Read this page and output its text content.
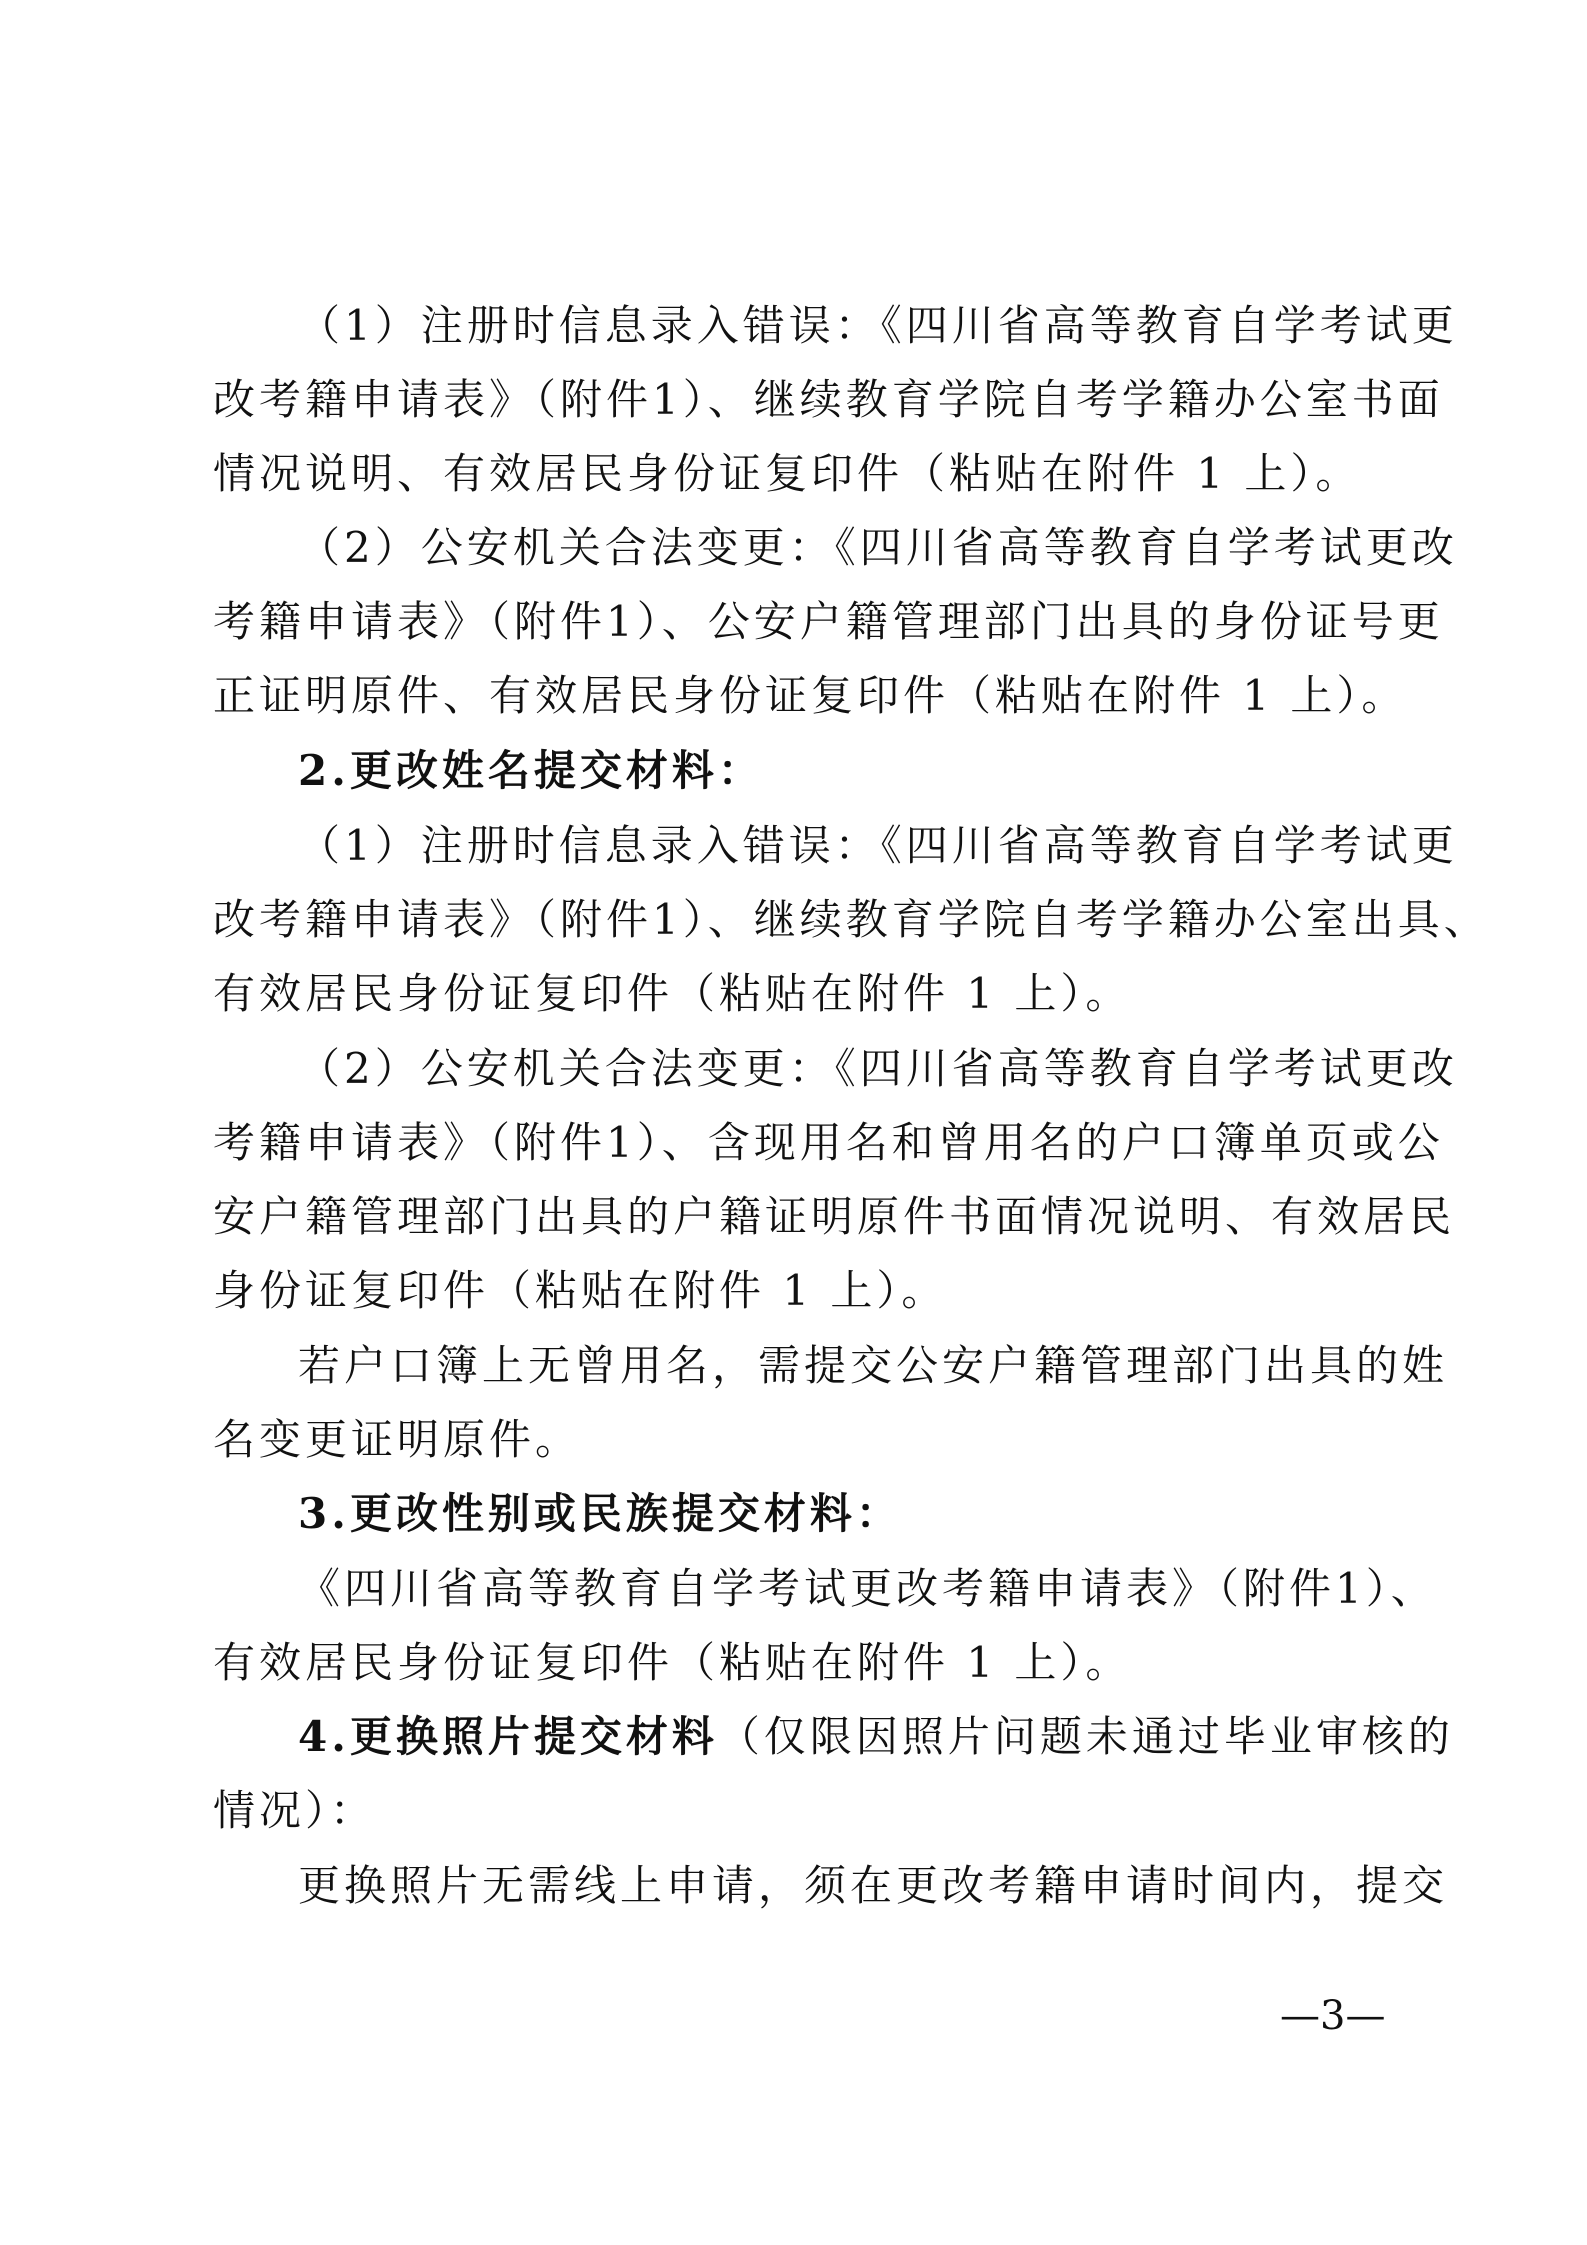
（1）注册时信息录入错误：《四川省高等教育自学考试更

改考籍申请表》（附件1）、继续教育学院自考学籍办公室书面

情况说明、有效居民身份证复印件（粘贴在附件 1 上）。

（2）公安机关合法变更：《四川省高等教育自学考试更改

考籍申请表》（附件1）、公安户籍管理部门出具的身份证号更

正证明原件、有效居民身份证复印件（粘贴在附件 1 上）。

2.更改姓名提交材料：

（1）注册时信息录入错误：《四川省高等教育自学考试更

改考籍申请表》（附件1）、继续教育学院自考学籍办公室出具、

有效居民身份证复印件（粘贴在附件 1 上）。

（2）公安机关合法变更：《四川省高等教育自学考试更改

考籍申请表》（附件1）、含现用名和曾用名的户口簿单页或公

安户籍管理部门出具的户籍证明原件书面情况说明、有效居民

身份证复印件（粘贴在附件 1 上）。

若户口簿上无曾用名，需提交公安户籍管理部门出具的姓

名变更证明原件。

3.更改性别或民族提交材料：

《四川省高等教育自学考试更改考籍申请表》（附件1）、

有效居民身份证复印件（粘贴在附件 1 上）。

4.更换照片提交材料（仅限因照片问题未通过毕业审核的

情况）：

更换照片无需线上申请，须在更改考籍申请时间内，提交

—3—
